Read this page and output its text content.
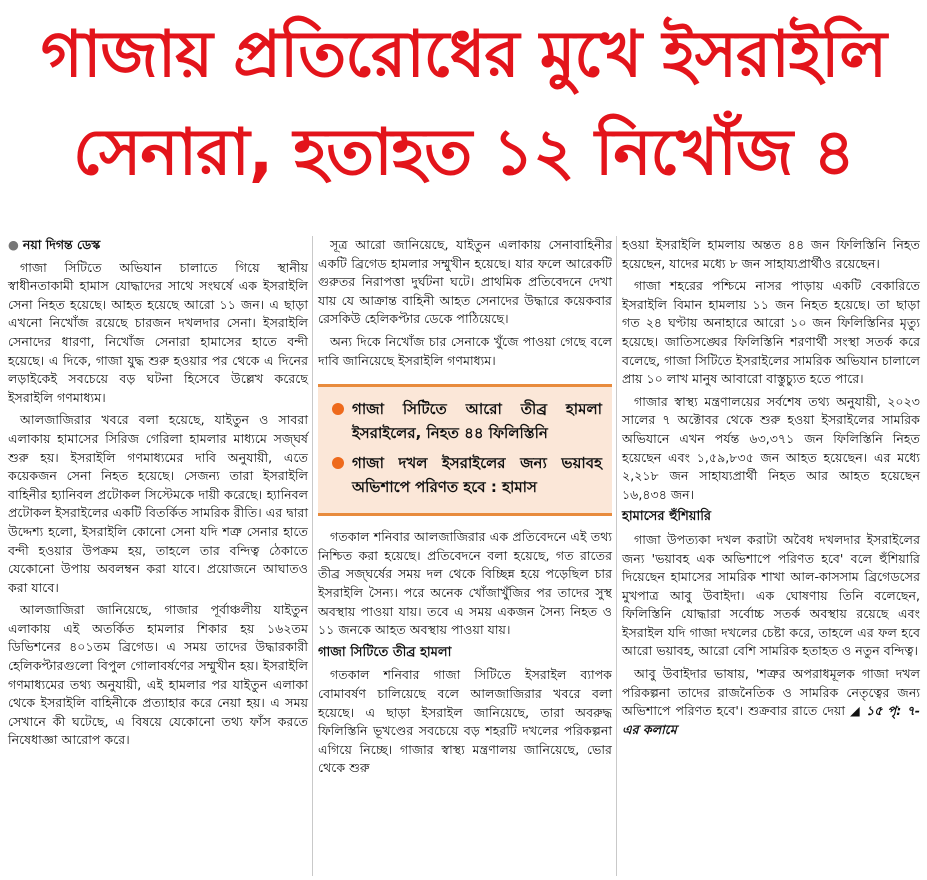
গাজায় প্রতিরোধের মুখে ইসরাইলি
সেনারা, হতাহত ১২ নিখোঁজ ৪
● নয়া দিগন্ত ডেস্ক

গাজা সিটিতে অভিযান চালাতে গিয়ে স্থানীয় স্বাধীনতাকামী হামাস যোদ্ধাদের সাথে সংঘর্ষে এক ইসরাইলি সেনা নিহত হয়েছে। আহত হয়েছে আরো ১১ জন। এ ছাড়া এখনো নিখোঁজ রয়েছে চারজন দখলদার সেনা। ইসরাইলি সেনাদের ধারণা, নিখোঁজ সেনারা হামাসের হাতে বন্দী হয়েছে। এ দিকে, গাজা যুদ্ধ শুরু হওয়ার পর থেকে এ দিনের লড়াইকেই সবচেয়ে বড় ঘটনা হিসেবে উল্লেখ করেছে ইসরাইলি গণমাধ্যম।

আলজাজিরার খবরে বলা হয়েছে, যাইতুন ও সাবরা এলাকায় হামাসের সিরিজ গেরিলা হামলার মাধ্যমে সজ্ঘর্ষ শুরু হয়। ইসরাইলি গণমাধ্যমের দাবি অনুযায়ী, এতে কয়েকজন সেনা নিহত হয়েছে। সেজন্য তারা ইসরাইলি বাহিনীর হ্যানিবল প্রটোকল সিস্টেমকে দায়ী করেছে। হ্যানিবল প্রটোকল ইসরাইলের একটি বিতর্কিত সামরিক রীতি। এর দ্বারা উদ্দেশ্য হলো, ইসরাইলি কোনো সেনা যদি শত্রু সেনার হাতে বন্দী হওয়ার উপক্রম হয়, তাহলে তার বন্দিত্ব ঠেকাতে যেকোনো উপায় অবলম্বন করা যাবে। প্রয়োজনে আঘাতও করা যাবে।

আলজাজিরা জানিয়েছে, গাজার পূর্বাঞ্চলীয় যাইতুন এলাকায় এই অতর্কিত হামলার শিকার হয় ১৬২তম ডিভিশনের ৪০১তম ব্রিগেড। এ সময় তাদের উদ্ধারকারী হেলিকপ্টারগুলো বিপুল গোলাবর্ষণের সম্মুখীন হয়। ইসরাইলি গণমাধ্যমের তথ্য অনুযায়ী, এই হামলার পর যাইতুন এলাকা থেকে ইসরাইলি বাহিনীকে প্রত্যাহার করে নেয়া হয়। এ সময় সেখানে কী ঘটেছে, এ বিষয়ে যেকোনো তথ্য ফাঁস করতে নিষেধাজ্ঞা আরোপ করে।

সূত্র আরো জানিয়েছে, যাইতুন এলাকায় সেনাবাহিনীর একটি ব্রিগেড হামলার সম্মুখীন হয়েছে। যার ফলে আরেকটি গুরুতর নিরাপত্তা দুর্ঘটনা ঘটে। প্রাথমিক প্রতিবেদনে দেখা যায় যে আক্রান্ত বাহিনী আহত সেনাদের উদ্ধারে কয়েকবার রেসকিউ হেলিকপ্টার ডেকে পাঠিয়েছে।

অন্য দিকে নিখোঁজ চার সেনাকে খুঁজে পাওয়া গেছে বলে দাবি জানিয়েছে ইসরাইলি গণমাধ্যম।

গাজা সিটিতে আরো তীব্র হামলা ইসরাইলের, নিহত ৪৪ ফিলিস্তিনি
গাজা দখল ইসরাইলের জন্য ভয়াবহ অভিশাপে পরিণত হবে : হামাস

গতকাল শনিবার আলজাজিরার এক প্রতিবেদনে এই তথ্য নিশ্চিত করা হয়েছে। প্রতিবেদনে বলা হয়েছে, গত রাতের তীব্র সজ্ঘর্ষের সময় দল থেকে বিচ্ছিন্ন হয়ে পড়েছিল চার ইসরাইলি সৈন্য। পরে অনেক খোঁজাখুঁজির পর তাদের সুস্থ অবস্থায় পাওয়া যায়। তবে এ সময় একজন সৈন্য নিহত ও ১১ জনকে আহত অবস্থায় পাওয়া যায়।

গাজা সিটিতে তীব্র হামলা

গতকাল শনিবার গাজা সিটিতে ইসরাইল ব্যাপক বোমাবর্ষণ চালিয়েছে বলে আলজাজিরার খবরে বলা হয়েছে। এ ছাড়া ইসরাইল জানিয়েছে, তারা অবরুদ্ধ ফিলিস্তিনি ভূখণ্ডের সবচেয়ে বড় শহরটি দখলের পরিকল্পনা এগিয়ে নিচ্ছে। গাজার স্বাস্থ্য মন্ত্রণালয় জানিয়েছে, ভোর থেকে শুরু

হওয়া ইসরাইলি হামলায় অন্তত ৪৪ জন ফিলিস্তিনি নিহত হয়েছেন, যাদের মধ্যে ৮ জন সাহায্যপ্রার্থীও রয়েছেন।

গাজা শহরের পশ্চিমে নাসর পাড়ায় একটি বেকারিতে ইসরাইলি বিমান হামলায় ১১ জন নিহত হয়েছে। তা ছাড়া গত ২৪ ঘণ্টায় অনাহারে আরো ১০ জন ফিলিস্তিনির মৃত্যু হয়েছে। জাতিসঙ্ঘের ফিলিস্তিনি শরণার্থী সংস্থা সতর্ক করে বলেছে, গাজা সিটিতে ইসরাইলের সামরিক অভিযান চালালে প্রায় ১০ লাখ মানুষ আবারো বাস্তুচ্যুত হতে পারে।

গাজার স্বাস্থ্য মন্ত্রণালয়ের সর্বশেষ তথ্য অনুযায়ী, ২০২৩ সালের ৭ অক্টোবর থেকে শুরু হওয়া ইসরাইলের সামরিক অভিযানে এখন পর্যন্ত ৬৩,৩৭১ জন ফিলিস্তিনি নিহত হয়েছেন এবং ১,৫৯,৮৩৫ জন আহত হয়েছেন। এর মধ্যে ২,২১৮ জন সাহায্যপ্রার্থী নিহত আর আহত হয়েছেন ১৬,৪৩৪ জন।

হামাসের হুঁশিয়ারি

গাজা উপত্যকা দখল করাটা অবৈধ দখলদার ইসরাইলের জন্য 'ভয়াবহ এক অভিশাপে পরিণত হবে' বলে হুঁশিয়ারি দিয়েছেন হামাসের সামরিক শাখা আল-কাসসাম ব্রিগেডসের মুখপাত্র আবু উবাইদা। এক ঘোষণায় তিনি বলেছেন, ফিলিস্তিনি যোদ্ধারা সর্বোচ্চ সতর্ক অবস্থায় রয়েছে এবং ইসরাইল যদি গাজা দখলের চেষ্টা করে, তাহলে এর ফল হবে আরো ভয়াবহ, আরো বেশি সামরিক হতাহত ও নতুন বন্দিত্ব।

আবু উবাইদার ভাষায়, 'শত্রুর অপরাধমূলক গাজা দখল পরিকল্পনা তাদের রাজনৈতিক ও সামরিক নেতৃত্বের জন্য অভিশাপে পরিণত হবে'। শুক্রবার রাতে দেয়া ◢ ১৫ পৃ: ৭-এর কলামে
